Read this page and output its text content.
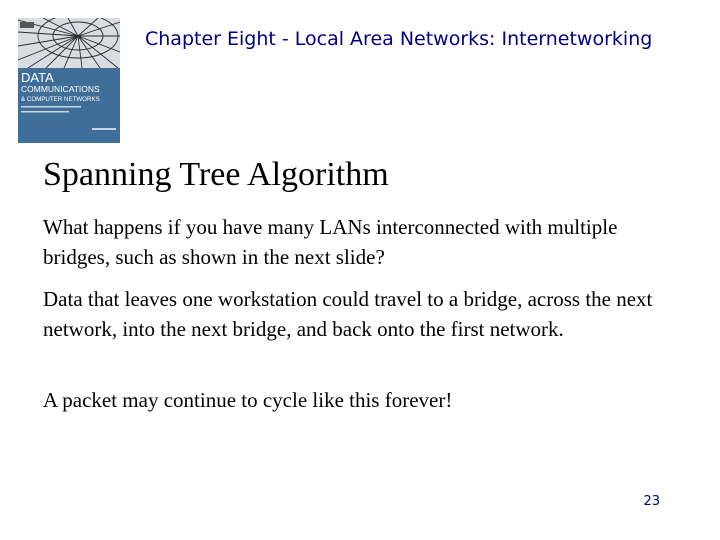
DATA
COMMUNICATIONS
& COMPUTER NETWORKS
Chapter Eight - Local Area Networks: Internetworking
Spanning Tree Algorithm
What happens if you have many LANs interconnected with multiple bridges, such as shown in the next slide?
Data that leaves one workstation could travel to a bridge, across the next network, into the next bridge, and back onto the first network.
A packet may continue to cycle like this forever!
23
